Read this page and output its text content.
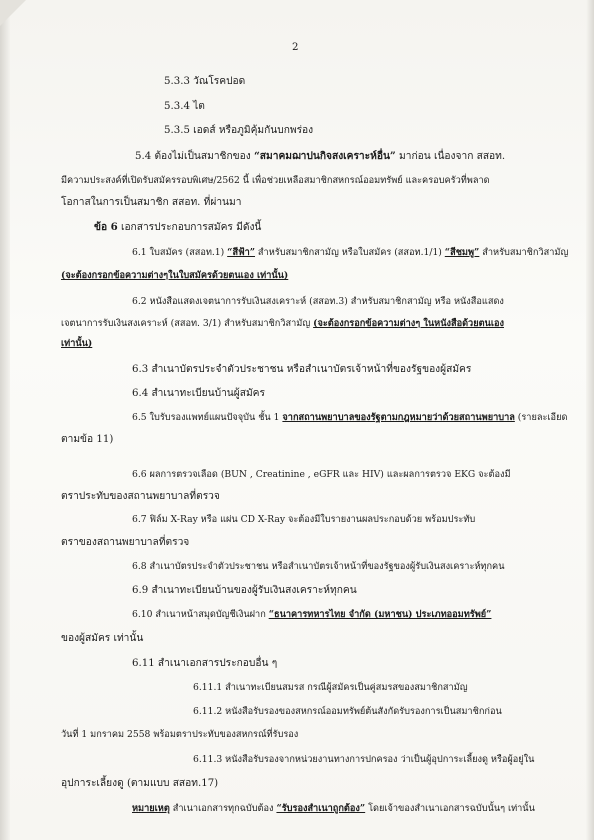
2
5.3.3 วัณโรคปอด
5.3.4 ไต
5.3.5 เอดส์ หรือภูมิคุ้มกันบกพร่อง
5.4 ต้องไม่เป็นสมาชิกของ “สมาคมฌาปนกิจสงเคราะห์อื่น” มาก่อน เนื่องจาก สสอท.
มีความประสงค์ที่เปิดรับสมัครรอบพิเศษ/2562 นี้ เพื่อช่วยเหลือสมาชิกสหกรณ์ออมทรัพย์ และครอบครัวที่พลาด
โอกาสในการเป็นสมาชิก สสอท. ที่ผ่านมา
ข้อ 6 เอกสารประกอบการสมัคร มีดังนี้
6.1 ใบสมัคร (สสอท.1) “สีฟ้า” สำหรับสมาชิกสามัญ หรือใบสมัคร (สสอท.1/1) “สีชมพู” สำหรับสมาชิกวิสามัญ
(จะต้องกรอกข้อความต่างๆในใบสมัครด้วยตนเอง เท่านั้น)
6.2 หนังสือแสดงเจตนาการรับเงินสงเคราะห์ (สสอท.3) สำหรับสมาชิกสามัญ หรือ หนังสือแสดง
เจตนาการรับเงินสงเคราะห์ (สสอท. 3/1) สำหรับสมาชิกวิสามัญ (จะต้องกรอกข้อความต่างๆ ในหนังสือด้วยตนเอง
เท่านั้น)
6.3 สำเนาบัตรประจำตัวประชาชน หรือสำเนาบัตรเจ้าหน้าที่ของรัฐของผู้สมัคร
6.4 สำเนาทะเบียนบ้านผู้สมัคร
6.5 ใบรับรองแพทย์แผนปัจจุบัน ชั้น 1 จากสถานพยาบาลของรัฐตามกฎหมายว่าด้วยสถานพยาบาล (รายละเอียด
ตามข้อ 11)
6.6 ผลการตรวจเลือด (BUN , Creatinine , eGFR และ HIV) และผลการตรวจ EKG จะต้องมี
ตราประทับของสถานพยาบาลที่ตรวจ
6.7 ฟิล์ม X-Ray หรือ แผ่น CD X-Ray จะต้องมีใบรายงานผลประกอบด้วย พร้อมประทับ
ตราของสถานพยาบาลที่ตรวจ
6.8 สำเนาบัตรประจำตัวประชาชน หรือสำเนาบัตรเจ้าหน้าที่ของรัฐของผู้รับเงินสงเคราะห์ทุกคน
6.9 สำเนาทะเบียนบ้านของผู้รับเงินสงเคราะห์ทุกคน
6.10 สำเนาหน้าสมุดบัญชีเงินฝาก “ธนาคารทหารไทย จำกัด (มหาชน) ประเภทออมทรัพย์”
ของผู้สมัคร เท่านั้น
6.11 สำเนาเอกสารประกอบอื่น ๆ
6.11.1 สำเนาทะเบียนสมรส กรณีผู้สมัครเป็นคู่สมรสของสมาชิกสามัญ
6.11.2 หนังสือรับรองของสหกรณ์ออมทรัพย์ต้นสังกัดรับรองการเป็นสมาชิกก่อน
วันที่ 1 มกราคม 2558 พร้อมตราประทับของสหกรณ์ที่รับรอง
6.11.3 หนังสือรับรองจากหน่วยงานทางการปกครอง ว่าเป็นผู้อุปการะเลี้ยงดู หรือผู้อยู่ใน
อุปการะเลี้ยงดู (ตามแบบ สสอท.17)
หมายเหตุ สำเนาเอกสารทุกฉบับต้อง “รับรองสำเนาถูกต้อง” โดยเจ้าของสำเนาเอกสารฉบับนั้นๆ เท่านั้น
